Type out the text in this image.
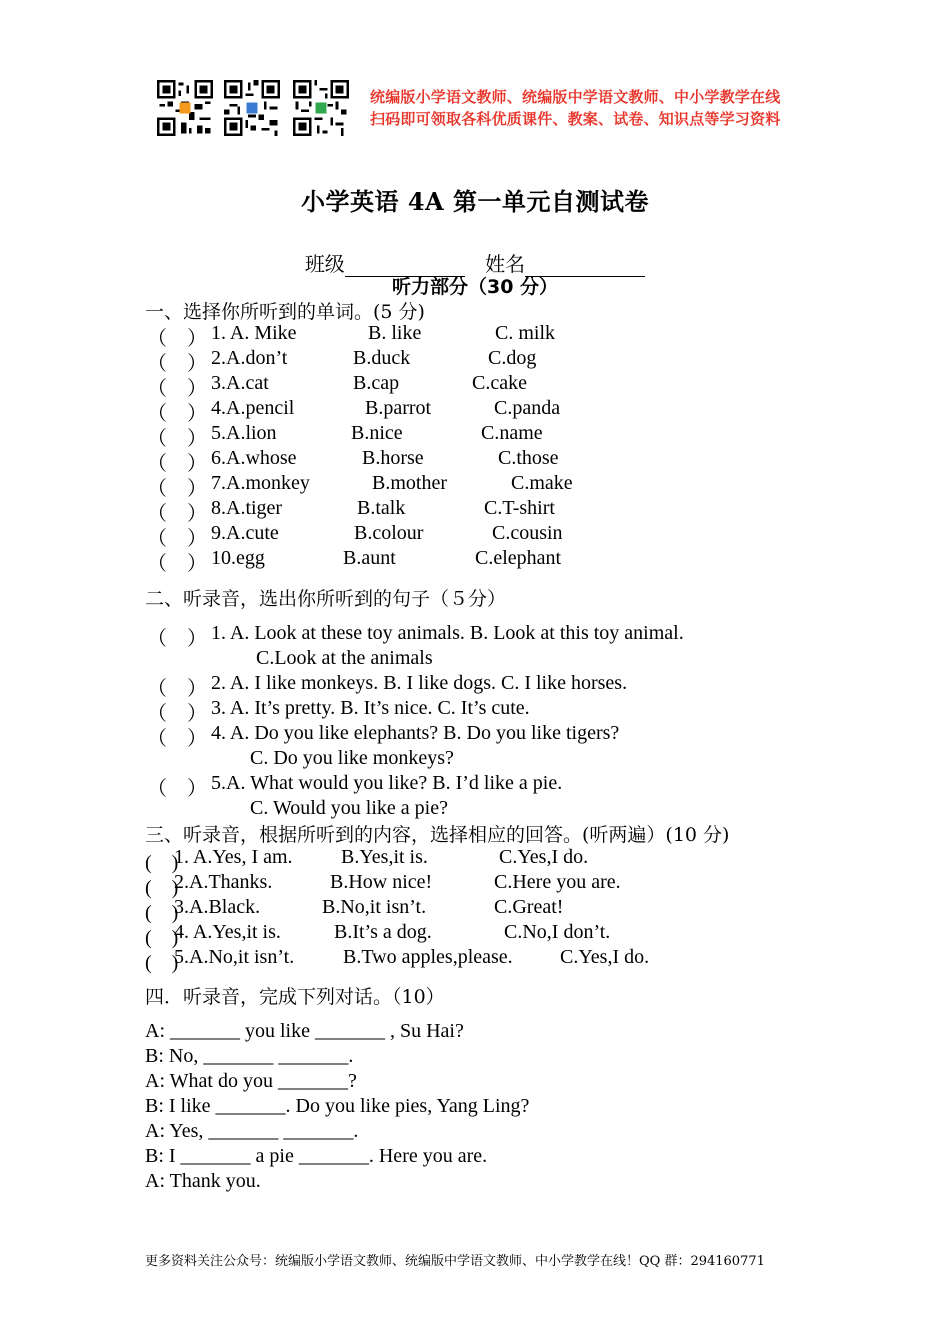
统编版小学语文教师、统编版中学语文教师、中小学教学在线
扫码即可领取各科优质课件、教案、试卷、知识点等学习资料
小学英语 4A 第一单元自测试卷
班级	姓名
听力部分（30 分）
一、选择你所听到的单词。(5 分)
（　） 1. A. Mike	B. like	C. milk
（　） 2.A.don’t	B.duck	C.dog
（　） 3.A.cat	B.cap	C.cake
（　） 4.A.pencil	B.parrot	C.panda
（　） 5.A.lion	B.nice	C.name
（　） 6.A.whose	B.horse	C.those
（　） 7.A.monkey	B.mother	C.make
（　） 8.A.tiger	B.talk	C.T-shirt
（　） 9.A.cute	B.colour	C.cousin
（　） 10.egg	B.aunt	C.elephant
二、听录音，选出你所听到的句子（５分）
（　） 1. A. Look at these toy animals. B. Look at this toy animal.
C.Look at the animals
（　） 2. A. I like monkeys. B. I like dogs. C. I like horses.
（　） 3. A. It’s pretty. B. It’s nice. C. It’s cute.
（　） 4. A. Do you like elephants? B. Do you like tigers?
C. Do you like monkeys?
（　） 5.A. What would you like? B. I’d like a pie.
C. Would you like a pie?
三、听录音，根据所听到的内容，选择相应的回答。(听两遍）(10 分)
(　)
1. A.Yes, I am. B.Yes,it is.	C.Yes,I do.
(　)
2.A.Thanks.	B.How nice!	C.Here you are.
(　)
3.A.Black.	B.No,it isn’t.	C.Great!
(　)
4. A.Yes,it is.	B.It’s a dog.	C.No,I don’t.
(　)
5.A.No,it isn’t. B.Two apples,please. C.Yes,I do.
四．听录音，完成下列对话。（10）
A: _______ you like _______ , Su Hai?
B: No, _______ _______.
A: What do you _______?
B: I like _______. Do you like pies, Yang Ling?
A: Yes, _______ _______.
B: I _______ a pie _______. Here you are.
A: Thank you.
更多资料关注公众号：统编版小学语文教师、统编版中学语文教师、中小学教学在线！QQ 群：294160771
